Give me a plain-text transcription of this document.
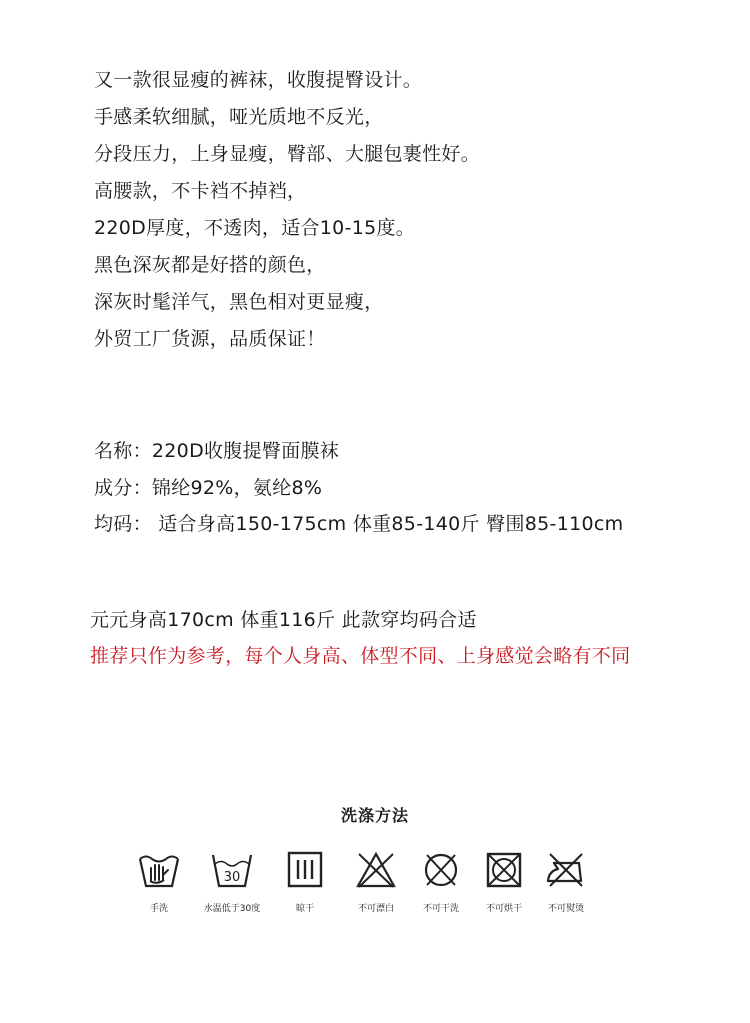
又一款很显瘦的裤袜，收腹提臀设计。
手感柔软细腻，哑光质地不反光，
分段压力，上身显瘦，臀部、大腿包裹性好。
高腰款，不卡裆不掉裆，
220D厚度，不透肉，适合10-15度。
黑色深灰都是好搭的颜色，
深灰时髦洋气，黑色相对更显瘦，
外贸工厂货源，品质保证！
名称：220D收腹提臀面膜袜
成分：锦纶92%，氨纶8%
均码： 适合身高150-175cm 体重85-140斤 臀围85-110cm
元元身高170cm 体重116斤 此款穿均码合适
推荐只作为参考，每个人身高、体型不同、上身感觉会略有不同
洗涤方法
手洗
30
水温低于30度	晾干	不可漂白	不可干洗	不可烘干	不可熨烫
